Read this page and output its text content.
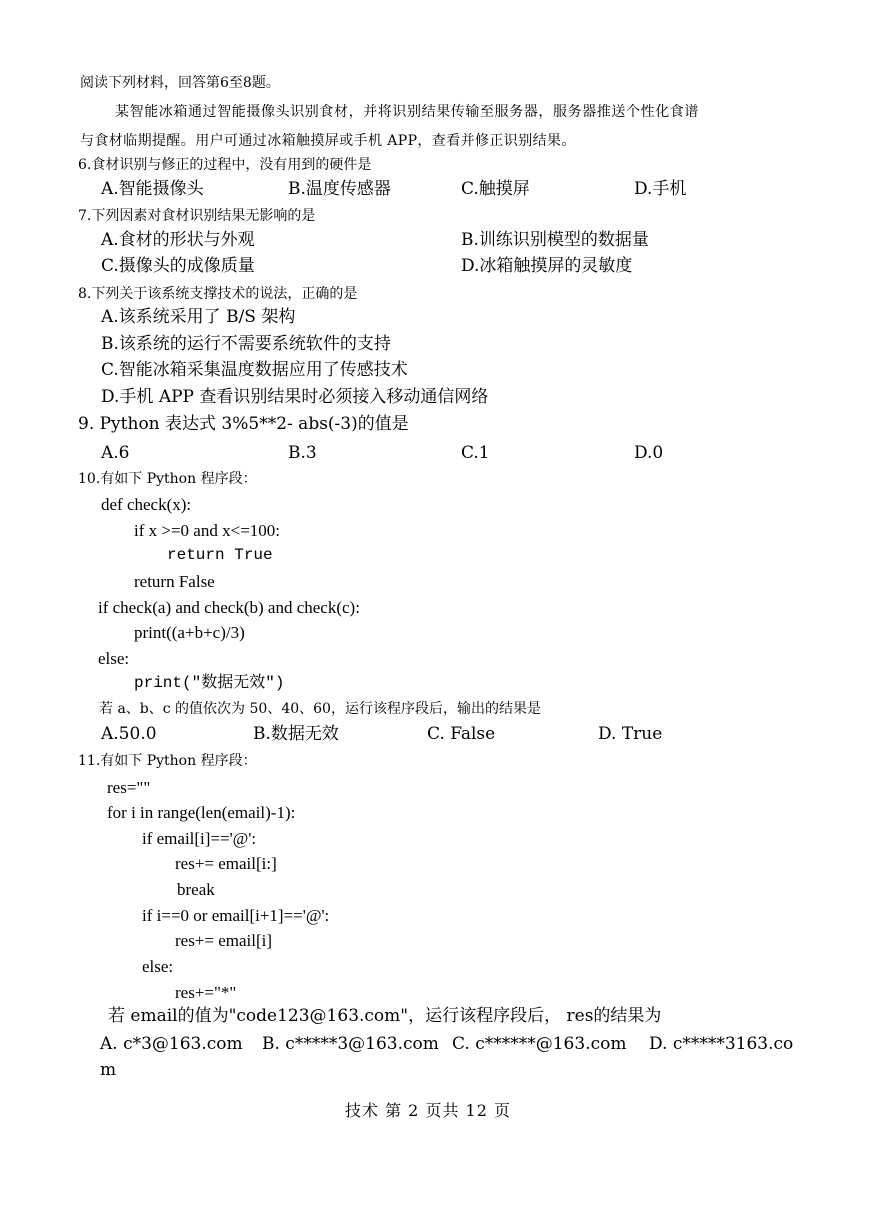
阅读下列材料，回答第6至8题。
某智能冰箱通过智能摄像头识别食材，并将识别结果传输至服务器，服务器推送个性化食谱
与食材临期提醒。用户可通过冰箱触摸屏或手机 APP，查看并修正识别结果。
6.食材识别与修正的过程中，没有用到的硬件是
A.智能摄像头	B.温度传感器	C.触摸屏	D.手机
7.下列因素对食材识别结果无影响的是
A.食材的形状与外观	B.训练识别模型的数据量
C.摄像头的成像质量	D.冰箱触摸屏的灵敏度
8.下列关于该系统支撑技术的说法，正确的是
A.该系统采用了 B/S 架构
B.该系统的运行不需要系统软件的支持
C.智能冰箱采集温度数据应用了传感技术
D.手机 APP 查看识别结果时必须接入移动通信网络
9. Python 表达式 3%5**2- abs(-3)的值是
A.6	B.3	C.1	D.0
10.有如下 Python 程序段：
def check(x):
if x >=0 and x<=100:
return True
return False
if check(a) and check(b) and check(c):
print((a+b+c)/3)
else:
print("数据无效")
若 a、b、c 的值依次为 50、40、60，运行该程序段后，输出的结果是
A.50.0	B.数据无效	C. False	D. True
11.有如下 Python 程序段：
res=""
for i in range(len(email)-1):
if email[i]=='@':
res+= email[i:]
break
if i==0 or email[i+1]=='@':
res+= email[i]
else:
res+="*"
若 email的值为"code123@163.com"，运行该程序段后， res的结果为
A. c*3@163.com B. c*****3@163.com C. c******@163.com D. c*****3163.co
m
技术 第 2 页共 12 页
